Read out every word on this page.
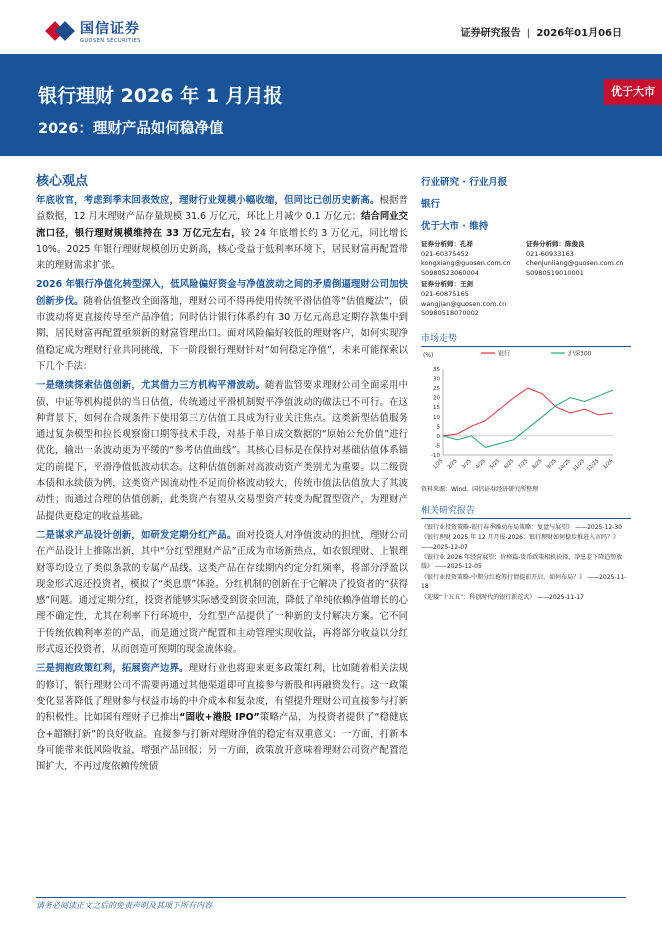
国信证券
GUOSEN SECURITIES
证券研究报告 | 2026年01月06日
银行理财 2026 年 1 月月报
2026：理财产品如何稳净值
优于大市
核心观点

年底收官，考虑到季末回表效应，理财行业规模小幅收缩，但同比已创历史新高。根据普益数据，12 月末理财产品存量规模 31.6 万亿元，环比上月减少 0.1 万亿元；结合同业交流口径，银行理财规模维持在 33 万亿元左右，较 24 年底增长约 3 万亿元，同比增长 10%。2025 年银行理财规模创历史新高，核心受益于低利率环境下，居民财富再配置带来的理财需求扩张。

2026 年银行净值化转型深入，低风险偏好资金与净值波动之间的矛盾倒逼理财公司加快创新步伐。随着估值整改全面落地，理财公司不得再使用传统平滑估值等“估值魔法”，债市波动将更直接传导至产品净值；同时估计银行体系约有 30 万亿元高息定期存款集中到期，居民财富再配置亟须新的财富管理出口。面对风险偏好较低的理财客户，如何实现净值稳定成为理财行业共同挑战，下一阶段银行理财针对“如何稳定净值”，未来可能探索以下几个手法：

一是继续探索估值创新，尤其借力三方机构平滑波动。随着监管要求理财公司全面采用中债、中证等机构提供的当日估值，传统通过平滑机制熨平净值波动的做法已不可行。在这种背景下，如何在合规条件下使用第三方估值工具成为行业关注焦点。这类新型估值服务通过复杂模型和拉长观察窗口期等技术手段，对基于单日成交数据的“原始公允价值”进行优化，输出一条波动更为平缓的“参考估值曲线”。其核心目标是在保持对基础估值体系锚定的前提下，平滑净值低波动状态。这种估值创新对高波动资产类别尤为重要。以二级资本债和永续债为例，这类资产因流动性不足而价格波动较大，传统市值法估值放大了其波动性；而通过合理的估值创新，此类资产有望从交易型资产转变为配置型资产，为理财产品提供更稳定的收益基础。

二是谋求产品设计创新，如研发定期分红产品。面对投资人对净值波动的担忧，理财公司在产品设计上推陈出新，其中“分红型理财产品”正成为市场新热点，如农银理财、上银理财等均设立了类似条款的专属产品线。这类产品在存续期内约定分红频率，将部分浮盈以现金形式返还投资者，模拟了“类息票”体验。分红机制的创新在于它解决了投资者的“获得感”问题。通过定期分红，投资者能够实际感受到资金回流，降低了单纯依赖净值增长的心理不确定性，尤其在利率下行环境中，分红型产品提供了一种新的支付解决方案。它不同于传统依赖利率差的产品，而是通过资产配置和主动管理实现收益，再将部分收益以分红形式返还投资者，从而创造可预期的现金流体验。

三是拥抱政策红利，拓展资产边界。理财行业也将迎来更多政策红利，比如随着相关法规的修订，银行理财公司不需要再通过其他渠道即可直接参与新股和再融资发行。这一政策变化显著降低了理财参与权益市场的中介成本和复杂度，有望提升理财公司直接参与打新的积极性。比如国有理财子已推出“固收+港股 IPO”策略产品，为投资者提供了“稳健底仓+超额打新”的良好收益。直接参与打新对理财净值的稳定有双重意义：一方面，打新本身可能带来低风险收益，增强产品回报；另一方面，政策放开意味着理财公司资产配置范围扩大，不再过度依赖传统债

行业研究 · 行业月报
银行
优于大市 · 维持
证券分析师：孔祥
021-60375452
kongxiang@guosen.com.cn
S0980523060004
证券分析师：陈俊良
021-60933163
chenjunliang@guosen.com.cn
S0980519010001
证券分析师：王剑
021-60875165
wangjian@guosen.com.cn
S0980518070002
市场走势
(%)	银行	沪深300
35
30
25
20
15
10
5
0
-5
-10
1/25 2/25 3/25 4/25 5/25 6/25 7/25 8/25 9/25 10/25 11/25 12/25 1/26
资料来源：Wind、国信证券经济研究所整理
相关研究报告
《银行业投资策略-银行春季躁动布局策略：复盘与展望》 ——2025-12-30
《银行理财 2025 年 12 月月报-2026：银行理财如何稳步推进入市吗？》 ——2025-12-07
《银行业 2026 年经营展望：价格篇-货币政策相机抉择，净息差下降趋势放缓》 ——2025-12-05
《银行业投资策略-中期分红抢筹行情提前开启，如何布局？》 ——2025-11-18
《迎接“十五五”：科创时代的银行新范式》 ——2025-11-17
请务必阅读正文之后的免责声明及其项下所有内容
